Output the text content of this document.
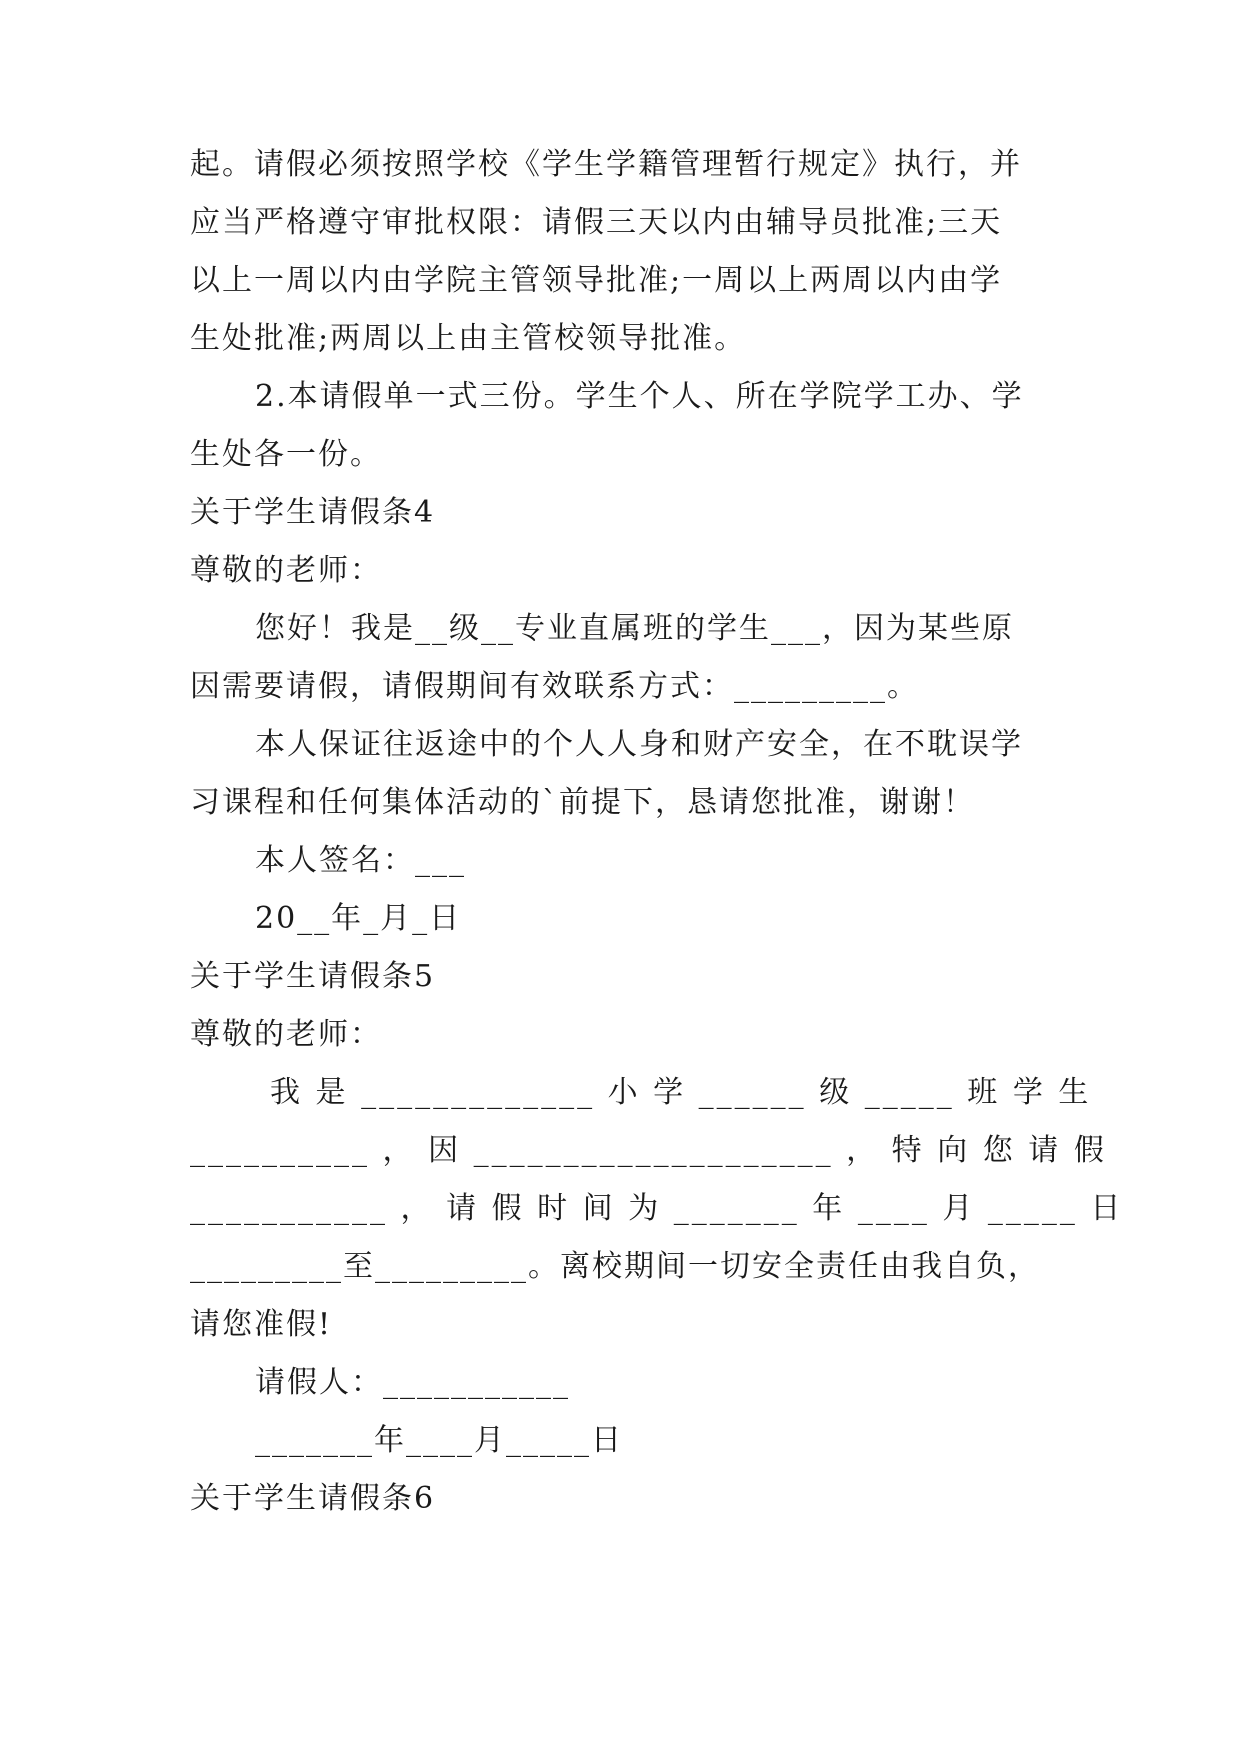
起。请假必须按照学校《学生学籍管理暂行规定》执行，并
应当严格遵守审批权限：请假三天以内由辅导员批准;三天
以上一周以内由学院主管领导批准;一周以上两周以内由学
生处批准;两周以上由主管校领导批准。
2.本请假单一式三份。学生个人、所在学院学工办、学
生处各一份。
关于学生请假条4
尊敬的老师：
您好！我是__级__专业直属班的学生___，因为某些原
因需要请假，请假期间有效联系方式：_________。
本人保证往返途中的个人人身和财产安全，在不耽误学
习课程和任何集体活动的`前提下，恳请您批准，谢谢！
本人签名：___
20__年_月_日
关于学生请假条5
尊敬的老师：
我 是 _____________ 小 学 ______ 级 _____ 班 学 生
__________ ， 因 ____________________ ， 特 向 您 请 假
___________ ， 请 假 时 间 为 _______ 年 ____ 月 _____ 日
_________至_________。离校期间一切安全责任由我自负，
请您准假!
请假人：___________
_______年____月_____日
关于学生请假条6
